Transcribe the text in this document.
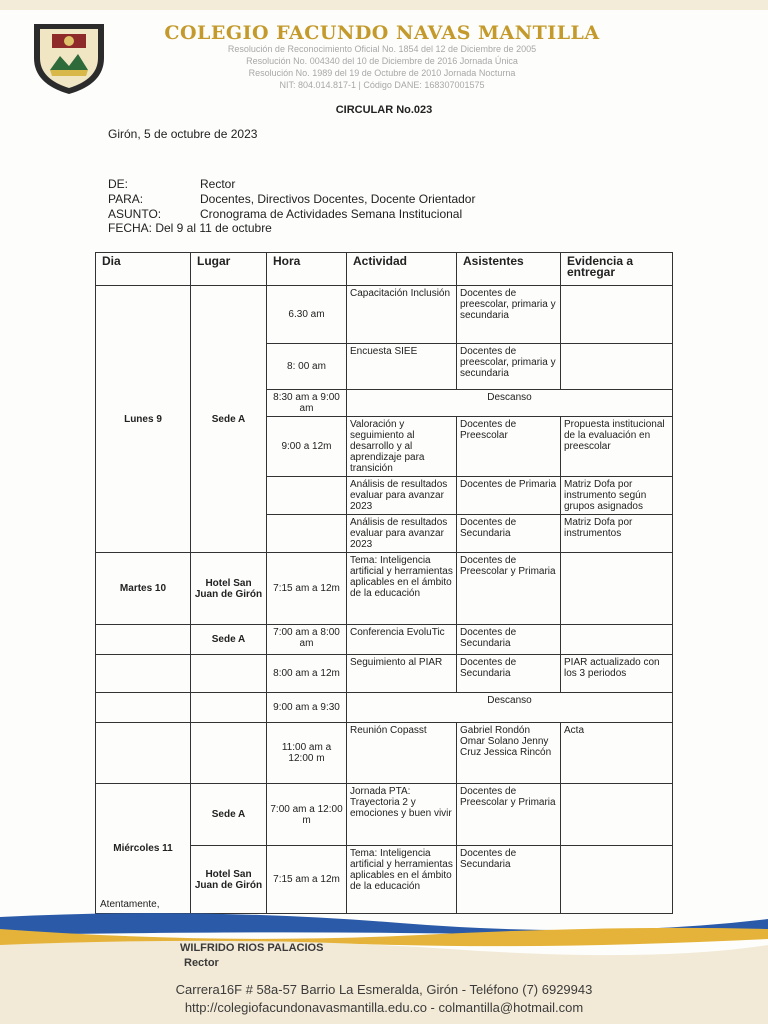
COLEGIO FACUNDO NAVAS MANTILLA
Resolución de Reconocimiento Oficial No. 1854 del 12 de Diciembre de 2005
Resolución No. 004340 del 10 de Diciembre de 2016 Jornada Única
Resolución No. 1989 del 19 de Octubre de 2010 Jornada Nocturna
NIT: 804.014.817-1 | Código DANE: 168307001575
CIRCULAR No.023
Girón, 5 de octubre de 2023
DE:	Rector
PARA:	Docentes, Directivos Docentes, Docente Orientador
ASUNTO:	Cronograma de Actividades Semana Institucional
FECHA: Del 9 al 11 de octubre
Dia	Lugar	Hora	Actividad	Asistentes	Evidencia a entregar
Lunes 9	Sede A	6.30 am	Capacitación Inclusión	Docentes de preescolar, primaria y secundaria	
		8: 00 am	Encuesta SIEE	Docentes de preescolar, primaria y secundaria	
		8:30 am a 9:00 am	Descanso		
		9:00 a 12m	Valoración y seguimiento al desarrollo y al aprendizaje para transición	Docentes de Preescolar	Propuesta institucional de la evaluación en preescolar
			Análisis de resultados evaluar para avanzar 2023	Docentes de Primaria	Matriz Dofa por instrumento según grupos asignados
			Análisis de resultados evaluar para avanzar 2023	Docentes de Secundaria	Matriz Dofa por instrumentos
Martes 10	Hotel San Juan de Girón	7:15 am a 12m	Tema: Inteligencia artificial y herramientas aplicables en el ámbito de la educación	Docentes de Preescolar y Primaria	
	Sede A	7:00 am a 8:00 am	Conferencia EvoluTic	Docentes de Secundaria	
		8:00 am a 12m	Seguimiento al PIAR	Docentes de Secundaria	PIAR actualizado con los 3 periodos
		9:00 am a 9:30	Descanso		
		11:00 am a 12:00 m	Reunión Copasst	Gabriel Rondón Omar Solano Jenny Cruz Jessica Rincón	Acta
Miércoles 11	Sede A	7:00 am a 12:00 m	Jornada PTA: Trayectoria 2 y emociones y buen vivir	Docentes de Preescolar y Primaria	
	Hotel San Juan de Girón	7:15 am a 12m	Tema: Inteligencia artificial y herramientas aplicables en el ámbito de la educación	Docentes de Secundaria	
Atentamente,
WILFRIDO RIOS PALACIOS
Rector
Carrera16F # 58a-57 Barrio La Esmeralda, Girón - Teléfono (7) 6929943
http://colegiofacundonavasmantilla.edu.co - colmantilla@hotmail.com
